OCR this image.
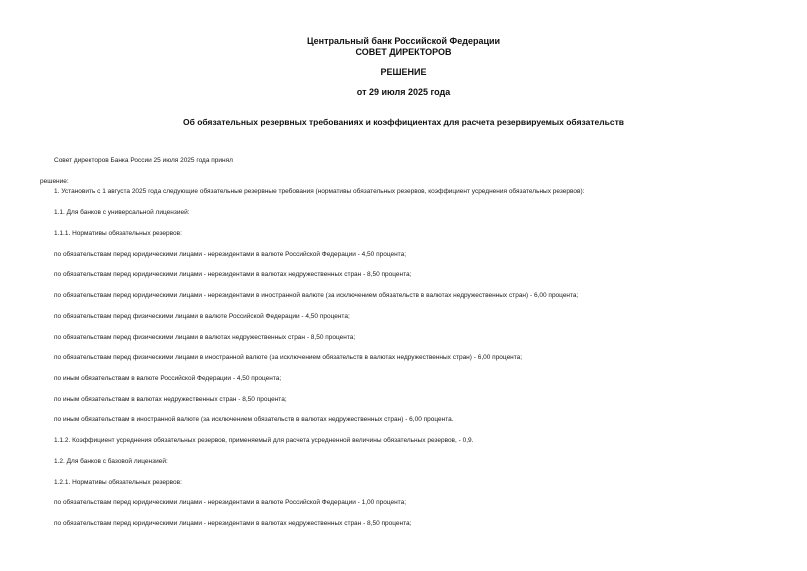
Центральный банк Российской Федерации
СОВЕТ ДИРЕКТОРОВ
РЕШЕНИЕ
от 29 июля 2025 года
Об обязательных резервных требованиях и коэффициентах для расчета резервируемых обязательств
Совет директоров Банка России 25 июля 2025 года принял
решение:
1. Установить с 1 августа 2025 года следующие обязательные резервные требования (нормативы обязательных резервов, коэффициент усреднения обязательных резервов):
1.1. Для банков с универсальной лицензией:
1.1.1. Нормативы обязательных резервов:
по обязательствам перед юридическими лицами - нерезидентами в валюте Российской Федерации - 4,50 процента;
по обязательствам перед юридическими лицами - нерезидентами в валютах недружественных стран - 8,50 процента;
по обязательствам перед юридическими лицами - нерезидентами в иностранной валюте (за исключением обязательств в валютах недружественных стран) - 6,00 процента;
по обязательствам перед физическими лицами в валюте Российской Федерации - 4,50 процента;
по обязательствам перед физическими лицами в валютах недружественных стран - 8,50 процента;
по обязательствам перед физическими лицами в иностранной валюте (за исключением обязательств в валютах недружественных стран) - 6,00 процента;
по иным обязательствам в валюте Российской Федерации - 4,50 процента;
по иным обязательствам в валютах недружественных стран - 8,50 процента;
по иным обязательствам в иностранной валюте (за исключением обязательств в валютах недружественных стран) - 6,00 процента.
1.1.2. Коэффициент усреднения обязательных резервов, применяемый для расчета усредненной величины обязательных резервов, - 0,9.
1.2. Для банков с базовой лицензией:
1.2.1. Нормативы обязательных резервов:
по обязательствам перед юридическими лицами - нерезидентами в валюте Российской Федерации - 1,00 процента;
по обязательствам перед юридическими лицами - нерезидентами в валютах недружественных стран - 8,50 процента;
